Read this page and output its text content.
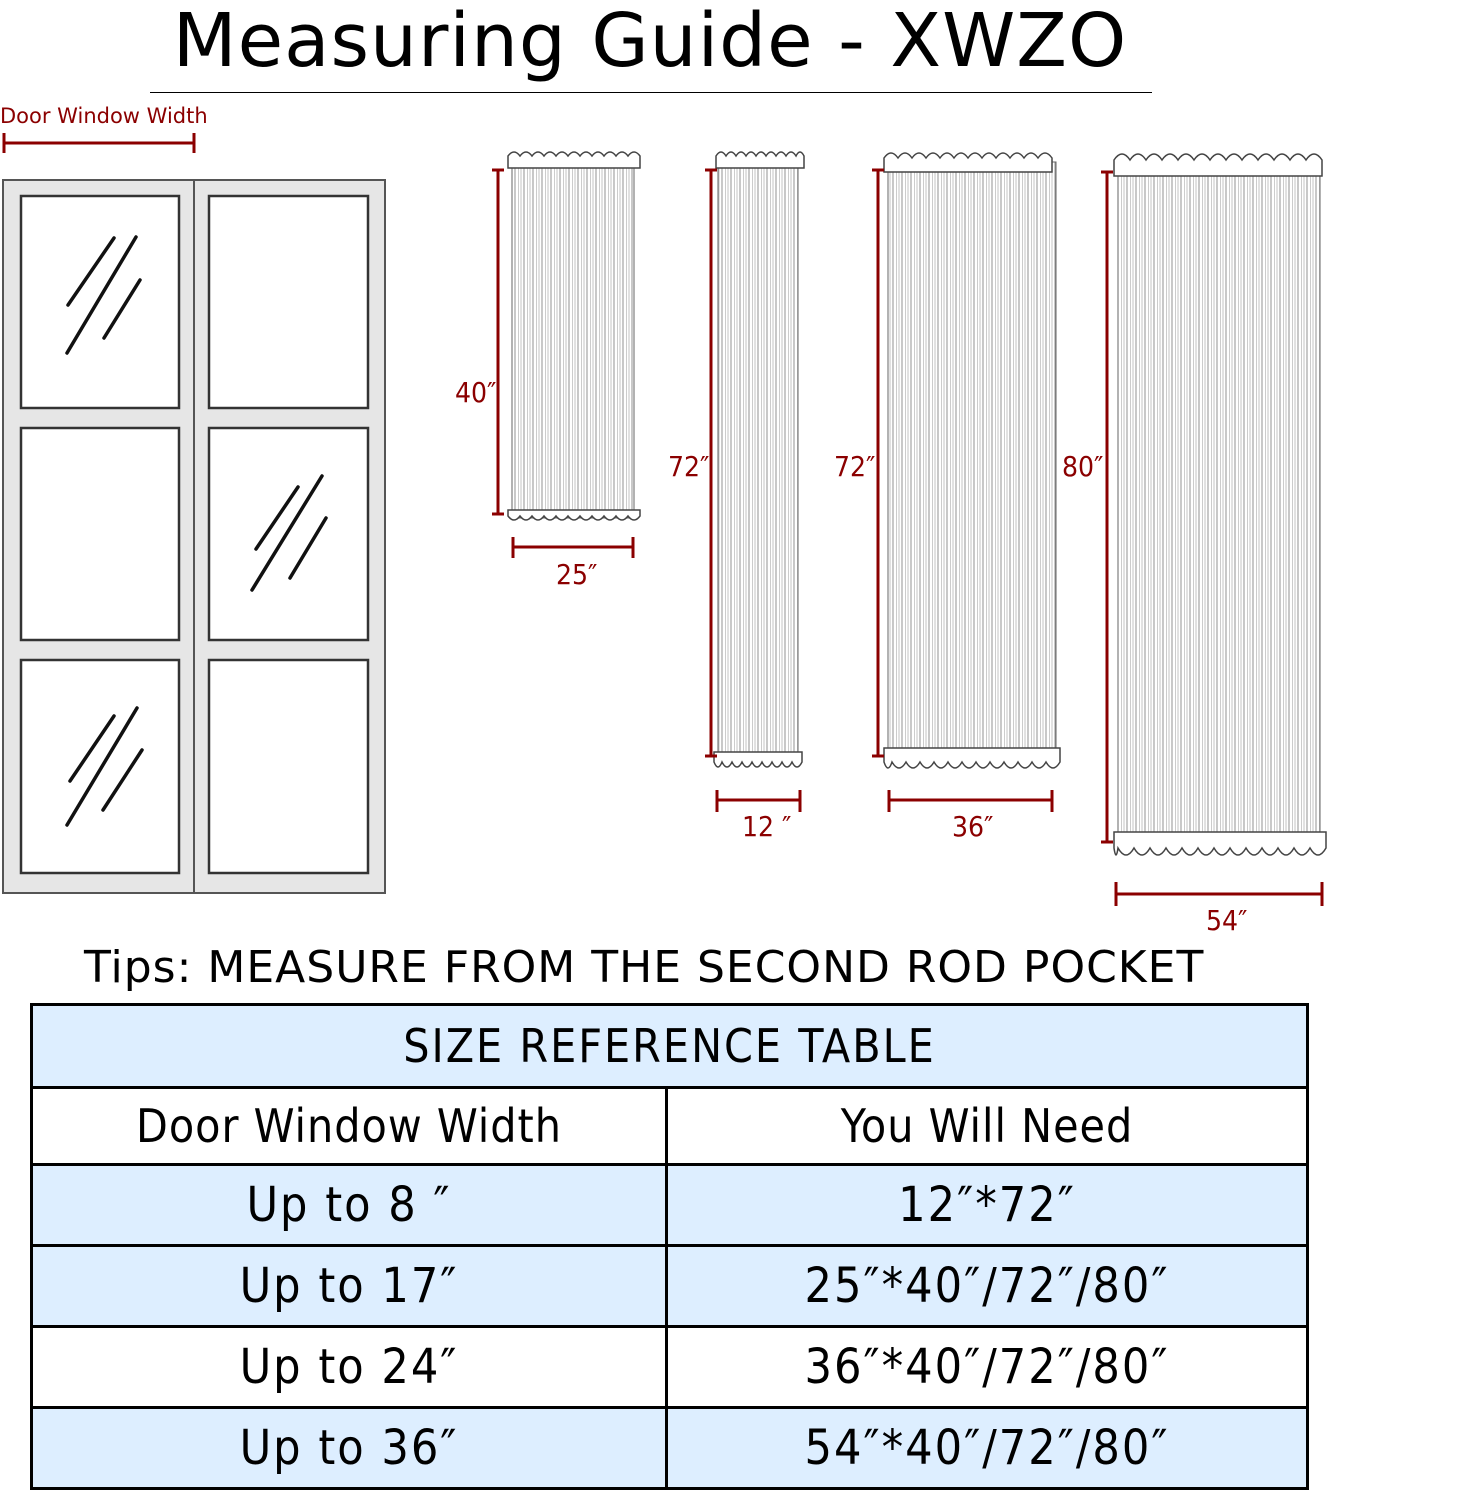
Measuring Guide - XWZO
Door Window Width
40″
25″
72″
12 ″
72″
36″
80″
54″
Tips: MEASURE FROM THE SECOND ROD POCKET
SIZE REFERENCE TABLE	
Door Window Width	You Will Need
Up to 8 ″	12″*72″
Up to 17″	25″*40″/72″/80″
Up to 24″	36″*40″/72″/80″
Up to 36″	54″*40″/72″/80″
